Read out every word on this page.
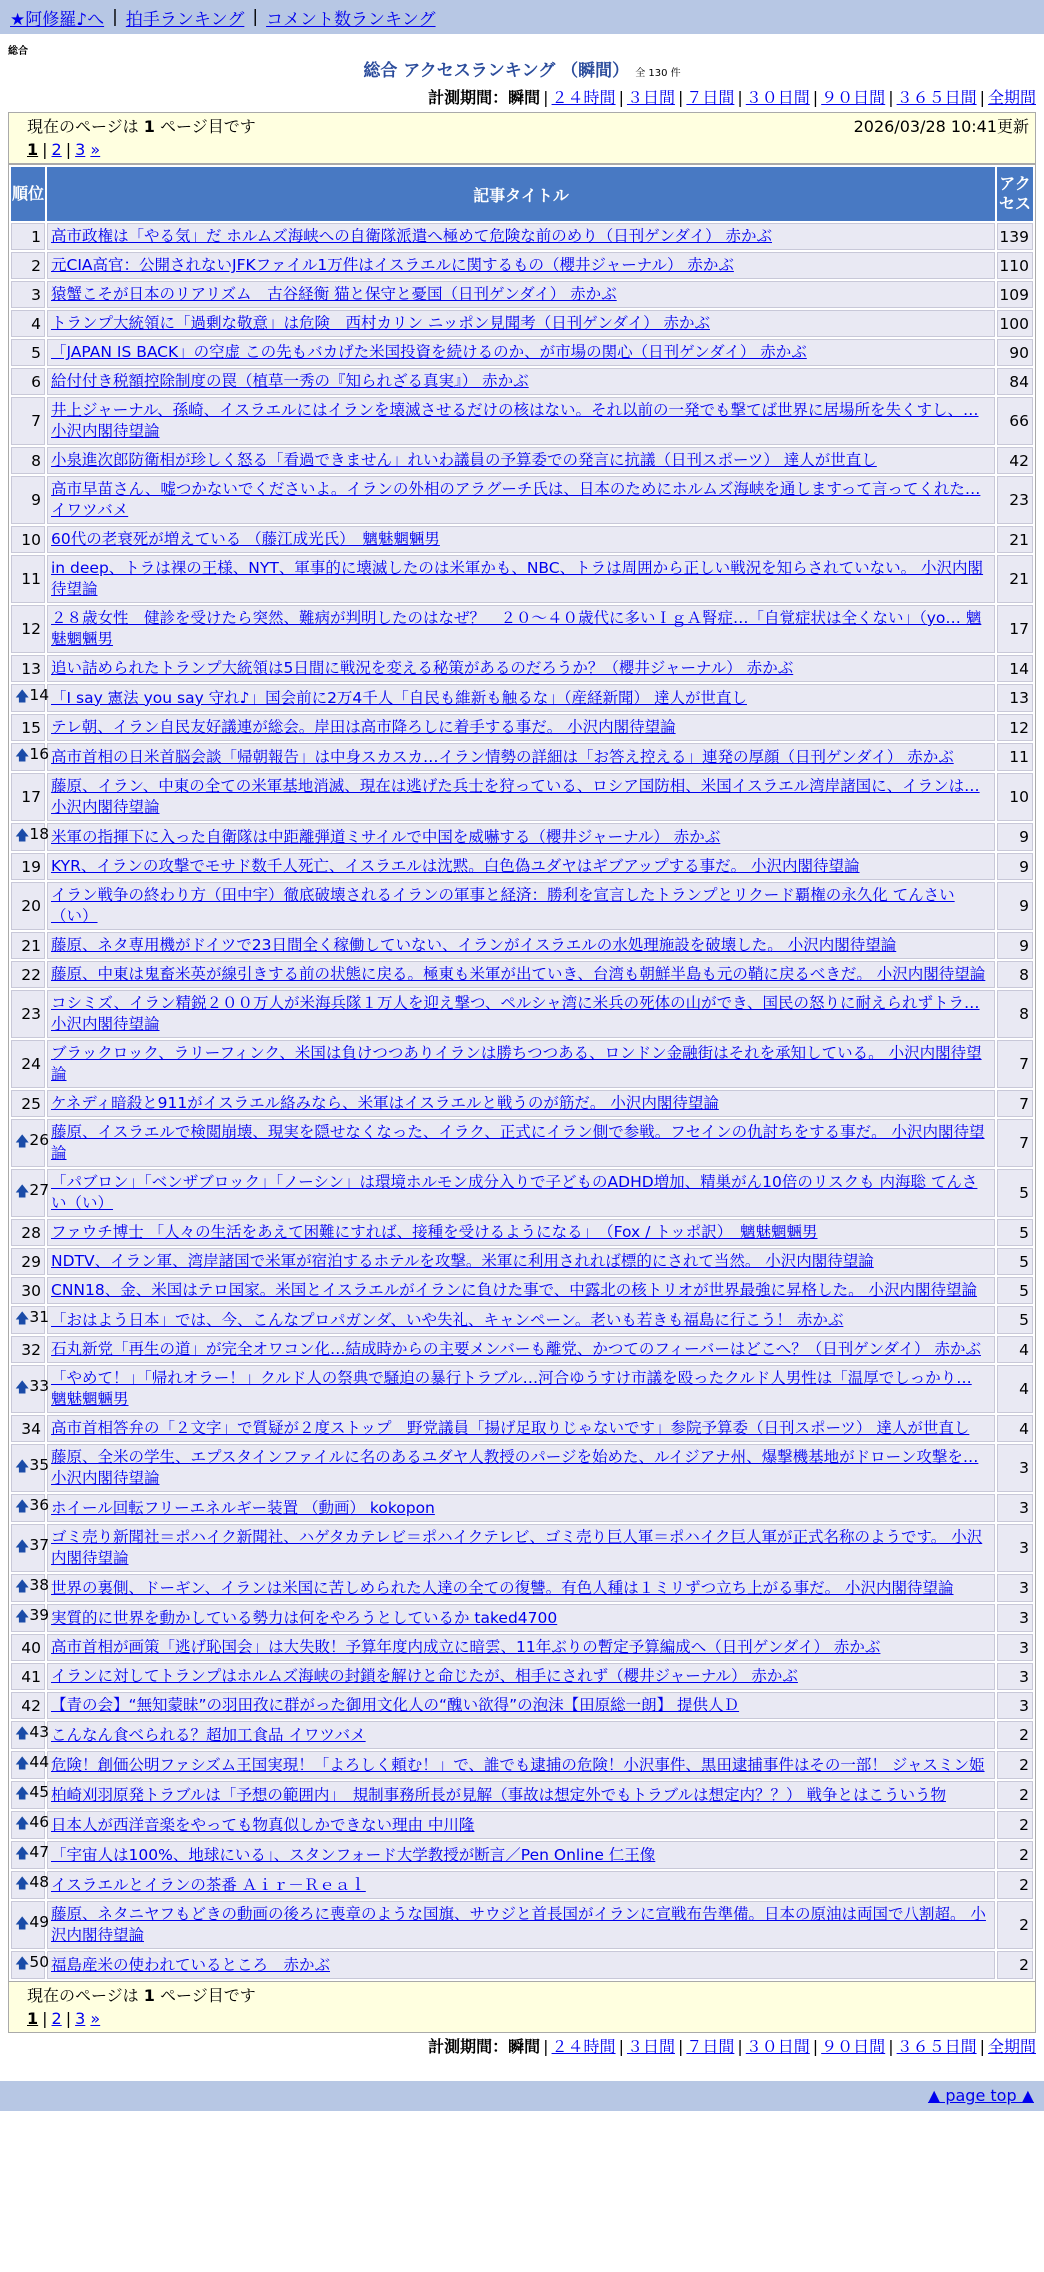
★阿修羅♪へ | 拍手ランキング | コメント数ランキング
総合
総合 アクセスランキング （瞬間） 全 130 件
計測期間：瞬間 | ２４時間 | ３日間 | ７日間 | ３０日間 | ９０日間 | ３６５日間 | 全期間
現在のページは 1 ページ目です	2026/03/28 10:41更新
1 | 2 | 3 »
順位	記事タイトル	アクセス
1	高市政権は「やる気」だ ホルムズ海峡への自衛隊派遣へ極めて危険な前のめり（日刊ゲンダイ） 赤かぶ	139
2	元CIA高官：公開されないJFKファイル1万件はイスラエルに関するもの（櫻井ジャーナル） 赤かぶ	110
3	猿蟹こそが日本のリアリズム　古谷経衡 猫と保守と憂国（日刊ゲンダイ） 赤かぶ	109
4	トランプ大統領に「過剰な敬意」は危険　西村カリン ニッポン見聞考（日刊ゲンダイ） 赤かぶ	100
5	「JAPAN IS BACK」の空虚 この先もバカげた米国投資を続けるのか、が市場の関心（日刊ゲンダイ） 赤かぶ	90
6	給付付き税額控除制度の罠（植草一秀の『知られざる真実』） 赤かぶ	84
7	井上ジャーナル、孫崎、イスラエルにはイランを壊滅させるだけの核はない。それ以前の一発でも撃てば世界に居場所を失くすし、… 小沢内閣待望論	66
8	小泉進次郎防衛相が珍しく怒る「看過できません」れいわ議員の予算委での発言に抗議（日刊スポーツ） 達人が世直し	42
9	高市早苗さん、嘘つかないでくださいよ。イランの外相のアラグーチ氏は、日本のためにホルムズ海峡を通しますって言ってくれた… イワツバメ	23
10	60代の老衰死が増えている （藤江成光氏）　魑魅魍魎男	21
11	in deep、トラは裸の王様、NYT、軍事的に壊滅したのは米軍かも、NBC、トラは周囲から正しい戦況を知らされていない。 小沢内閣待望論	21
12	２８歳女性　健診を受けたら突然、難病が判明したのはなぜ？　２０～４０歳代に多いＩｇＡ腎症…「自覚症状は全くない」（yo… 魑魅魍魎男	17
13	追い詰められたトランプ大統領は5日間に戦況を変える秘策があるのだろうか？（櫻井ジャーナル） 赤かぶ	14

🡅 14	「I say 憲法 you say 守れ♪」国会前に2万4千人「自民も維新も触るな」（産経新聞） 達人が世直し	13
15	テレ朝、イラン自民友好議連が総会。岸田は高市降ろしに着手する事だ。 小沢内閣待望論	12

🡅 16	高市首相の日米首脳会談「帰朝報告」は中身スカスカ…イラン情勢の詳細は「お答え控える」連発の厚顔（日刊ゲンダイ） 赤かぶ	11
17	藤原、イラン、中東の全ての米軍基地消滅、現在は逃げた兵士を狩っている、ロシア国防相、米国イスラエル湾岸諸国に、イランは… 小沢内閣待望論	10

🡅 18	米軍の指揮下に入った自衛隊は中距離弾道ミサイルで中国を威嚇する（櫻井ジャーナル） 赤かぶ	9
19	KYR、イランの攻撃でモサド数千人死亡、イスラエルは沈黙。白色偽ユダヤはギブアップする事だ。 小沢内閣待望論	9
20	イラン戦争の終わり方（田中宇）徹底破壊されるイランの軍事と経済：勝利を宣言したトランプとリクード覇権の永久化 てんさい（い）	9
21	藤原、ネタ専用機がドイツで23日間全く稼働していない、イランがイスラエルの水処理施設を破壊した。 小沢内閣待望論	9
22	藤原、中東は鬼畜米英が線引きする前の状態に戻る。極東も米軍が出ていき、台湾も朝鮮半島も元の鞘に戻るべきだ。 小沢内閣待望論	8
23	コシミズ、イラン精鋭２００万人が米海兵隊１万人を迎え撃つ、ペルシャ湾に米兵の死体の山ができ、国民の怒りに耐えられずトラ… 小沢内閣待望論	8
24	ブラックロック、ラリーフィンク、米国は負けつつありイランは勝ちつつある、ロンドン金融街はそれを承知している。 小沢内閣待望論	7
25	ケネディ暗殺と911がイスラエル絡みなら、米軍はイスラエルと戦うのが筋だ。 小沢内閣待望論	7

🡅 26	藤原、イスラエルで検閲崩壊、現実を隠せなくなった、イラク、正式にイラン側で参戦。フセインの仇討ちをする事だ。 小沢内閣待望論	7

🡅 27	「パブロン」「ベンザブロック」「ノーシン」は環境ホルモン成分入りで子どものADHD増加、精巣がん10倍のリスクも 内海聡 てんさい（い）	5
28	ファウチ博士 「人々の生活をあえて困難にすれば、接種を受けるようになる」　（Fox / トッポ訳）　魑魅魍魎男	5
29	NDTV、イラン軍、湾岸諸国で米軍が宿泊するホテルを攻撃。米軍に利用されれば標的にされて当然。 小沢内閣待望論	5
30	CNN18、金、米国はテロ国家。米国とイスラエルがイランに負けた事で、中露北の核トリオが世界最強に昇格した。 小沢内閣待望論	5

🡅 31	「おはよう日本」では、今、こんなプロパガンダ、いや失礼、キャンペーン。老いも若きも福島に行こう！ 赤かぶ	5
32	石丸新党「再生の道」が完全オワコン化…結成時からの主要メンバーも離党、かつてのフィーバーはどこへ？（日刊ゲンダイ） 赤かぶ	4

🡅 33	「やめて！」「帰れオラー！」クルド人の祭典で騒迫の暴行トラブル…河合ゆうすけ市議を殴ったクルド人男性は「温厚でしっかり… 魑魅魍魎男	4
34	高市首相答弁の「２文字」で質疑が２度ストップ　野党議員「揚げ足取りじゃないです」参院予算委（日刊スポーツ） 達人が世直し	4

🡅 35	藤原、全米の学生、エプスタインファイルに名のあるユダヤ人教授のパージを始めた、ルイジアナ州、爆撃機基地がドローン攻撃を… 小沢内閣待望論	3

🡅 36	ホイール回転フリーエネルギー装置 （動画） kokopon	3

🡅 37	ゴミ売り新聞社＝ポハイク新聞社、ハゲタカテレビ＝ポハイクテレビ、ゴミ売り巨人軍＝ポハイク巨人軍が正式名称のようです。 小沢内閣待望論	3

🡅 38	世界の裏側、ドーギン、イランは米国に苦しめられた人達の全ての復讐。有色人種は１ミリずつ立ち上がる事だ。 小沢内閣待望論	3

🡅 39	実質的に世界を動かしている勢力は何をやろうとしているか taked4700	3
40	高市首相が画策「逃げ恥国会」は大失敗！予算年度内成立に暗雲、11年ぶりの暫定予算編成へ（日刊ゲンダイ） 赤かぶ	3
41	イランに対してトランプはホルムズ海峡の封鎖を解けと命じたが、相手にされず（櫻井ジャーナル） 赤かぶ	3
42	【青の会】“無知蒙昧”の羽田孜に群がった御用文化人の“醜い欲得”の泡沫【田原総一朗】 提供人Ｄ	3

🡅 43	こんなん食べられる？超加工食品 イワツバメ	2

🡅 44	危険！創価公明ファシズム王国実現！「よろしく頼む！」で、誰でも逮捕の危険！小沢事件、黒田逮捕事件はその一部！ ジャスミン姫	2

🡅 45	柏崎刈羽原発トラブルは「予想の範囲内」　規制事務所長が見解（事故は想定外でもトラブルは想定内？？） 戦争とはこういう物	2

🡅 46	日本人が西洋音楽をやっても物真似しかできない理由 中川隆	2

🡅 47	「宇宙人は100%、地球にいる」、スタンフォード大学教授が断言／Pen Online 仁王像	2

🡅 48	イスラエルとイランの茶番 Ａｉｒ－Ｒｅａｌ	2

🡅 49	藤原、ネタニヤフもどきの動画の後ろに喪章のような国旗、サウジと首長国がイランに宣戦布告準備。日本の原油は両国で八割超。 小沢内閣待望論	2

🡅 50	福島産米の使われているところ　赤かぶ	2
現在のページは 1 ページ目です
1 | 2 | 3 »
計測期間：瞬間 | ２４時間 | ３日間 | ７日間 | ３０日間 | ９０日間 | ３６５日間 | 全期間
▲ page top ▲
